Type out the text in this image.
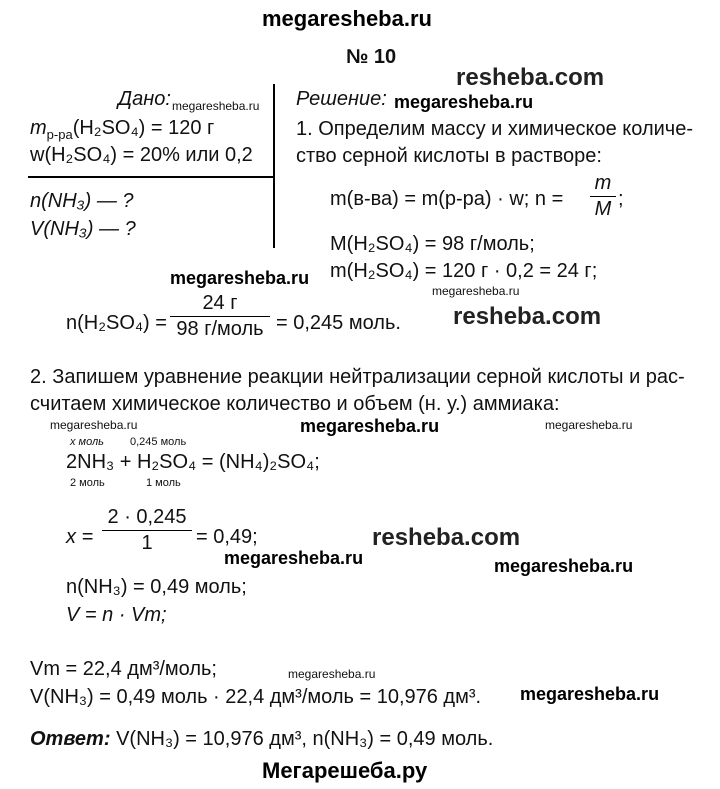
megaresheba.ru
№ 10
resheba.com
megaresheba.ru	megaresheba.ru
megaresheba.ru
megaresheba.ru
resheba.com
megaresheba.ru	megaresheba.ru	megaresheba.ru
resheba.com
megaresheba.ru	megaresheba.ru
megaresheba.ru
megaresheba.ru
Дано:
$m_{р-ра}(H_2SO_4) = 120$ г
w(H₂SO₄) = 20% или 0,2
n(NH₃) — ?
V(NH₃) — ?
Решение:
1. Определим массу и химическое количе-
ство серной кислоты в растворе:
m(в-ва) = m(р-ра) · w; n =
m
M ;
M(H₂SO₄) = 98 г/моль;
m(H₂SO₄) = 120 г · 0,2 = 24 г;
n(H₂SO₄) =
24 г
98 г/моль = 0,245 моль.
2. Запишем уравнение реакции нейтрализации серной кислоты и рас-
считаем химическое количество и объем (н. у.) аммиака:
x моль 0,245 моль
2NH₃ + H₂SO₄ = (NH₄)₂SO₄;
2 моль	1 моль
x =
2 · 0,245
1	= 0,49;
n(NH₃) = 0,49 моль;
V = n · Vm;
Vm = 22,4 дм³/моль;
V(NH₃) = 0,49 моль · 22,4 дм³/моль = 10,976 дм³.
Ответ: V(NH₃) = 10,976 дм³, n(NH₃) = 0,49 моль.
Мегарешеба.ру
